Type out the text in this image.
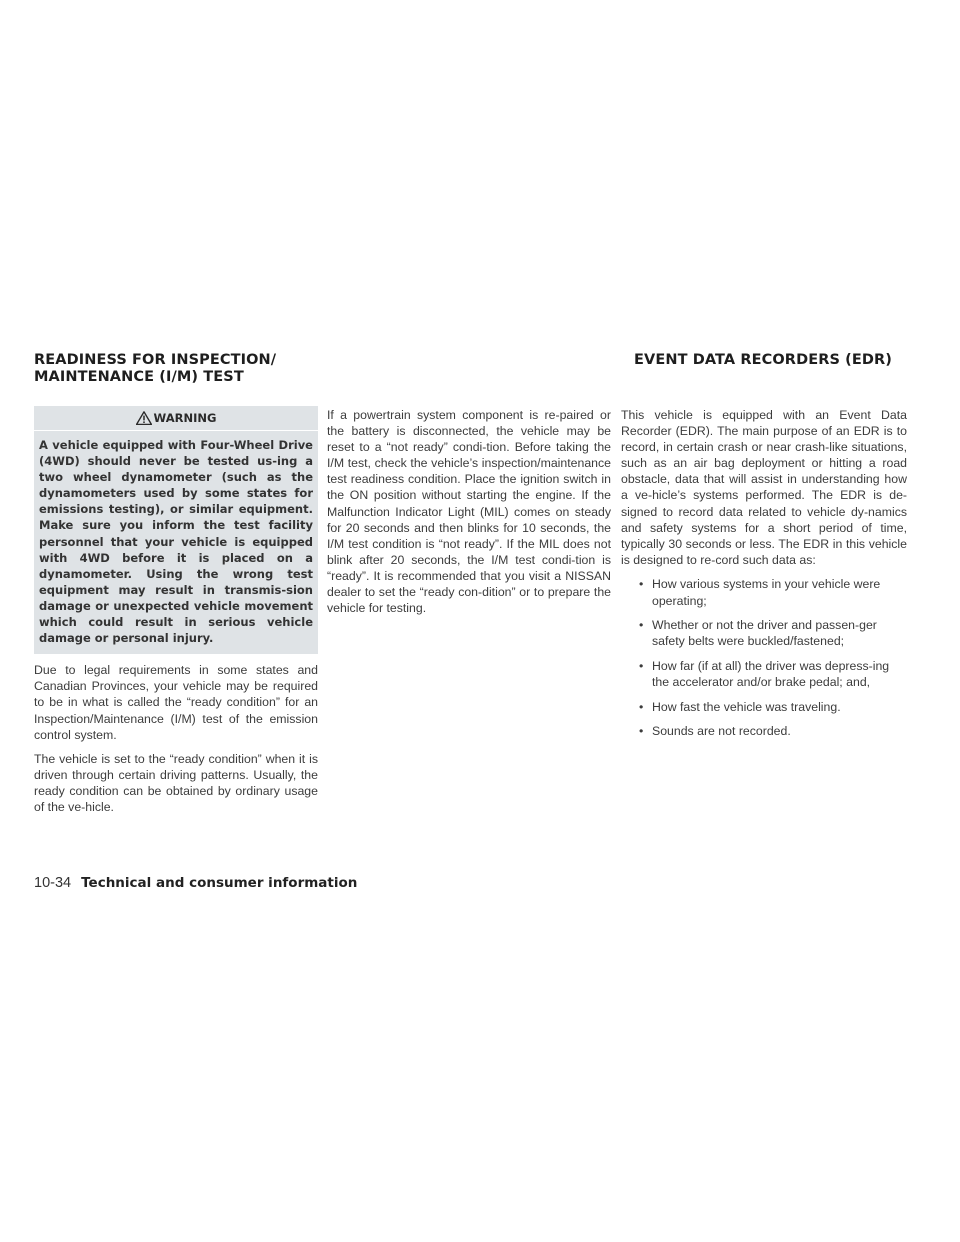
READINESS FOR INSPECTION/
MAINTENANCE (I/M) TEST
EVENT DATA RECORDERS (EDR)
WARNING
A vehicle equipped with Four-Wheel Drive (4WD) should never be tested us-ing a two wheel dynamometer (such as the dynamometers used by some states for emissions testing), or similar equipment. Make sure you inform the test facility personnel that your vehicle is equipped with 4WD before it is placed on a dynamometer. Using the wrong test equipment may result in transmis-sion damage or unexpected vehicle movement which could result in serious vehicle damage or personal injury.

Due to legal requirements in some states and Canadian Provinces, your vehicle may be required to be in what is called the “ready condition” for an Inspection/Maintenance (I/M) test of the emission control system.

The vehicle is set to the “ready condition” when it is driven through certain driving patterns. Usually, the ready condition can be obtained by ordinary usage of the ve-hicle.

If a powertrain system component is re-paired or the battery is disconnected, the vehicle may be reset to a “not ready” condi-tion. Before taking the I/M test, check the vehicle’s inspection/maintenance test readiness condition. Place the ignition switch in the ON position without starting the engine. If the Malfunction Indicator Light (MIL) comes on steady for 20 seconds and then blinks for 10 seconds, the I/M test condition is “not ready”. If the MIL does not blink after 20 seconds, the I/M test condi-tion is “ready”. It is recommended that you visit a NISSAN dealer to set the “ready con-dition” or to prepare the vehicle for testing.

This vehicle is equipped with an Event Data Recorder (EDR). The main purpose of an EDR is to record, in certain crash or near crash-like situations, such as an air bag deployment or hitting a road obstacle, data that will assist in understanding how a ve-hicle’s systems performed. The EDR is de-signed to record data related to vehicle dy-namics and safety systems for a short period of time, typically 30 seconds or less. The EDR in this vehicle is designed to re-cord such data as:

• How various systems in your vehicle were operating;
• Whether or not the driver and passen-ger safety belts were buckled/fastened;
• How far (if at all) the driver was depress-ing the accelerator and/or brake pedal; and,
• How fast the vehicle was traveling.
• Sounds are not recorded.
10-34 Technical and consumer information
